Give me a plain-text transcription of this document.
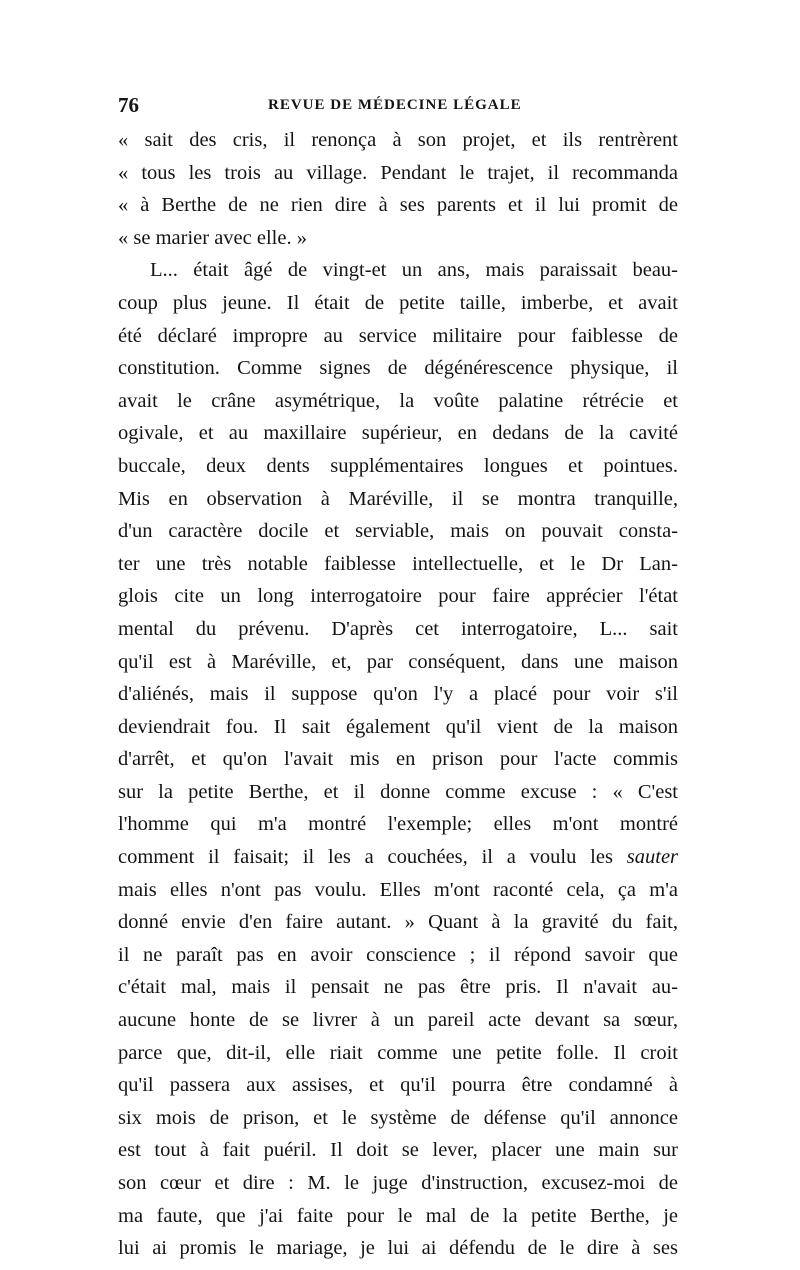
76	REVUE DE MÉDECINE LÉGALE
« sait des cris, il renonça à son projet, et ils rentrèrent
« tous les trois au village. Pendant le trajet, il recommanda
« à Berthe de ne rien dire à ses parents et il lui promit de
« se marier avec elle. »
L... était âgé de vingt-et un ans, mais paraissait beau-
coup plus jeune. Il était de petite taille, imberbe, et avait
été déclaré impropre au service militaire pour faiblesse de
constitution. Comme signes de dégénérescence physique, il
avait le crâne asymétrique, la voûte palatine rétrécie et
ogivale, et au maxillaire supérieur, en dedans de la cavité
buccale, deux dents supplémentaires longues et pointues.
Mis en observation à Maréville, il se montra tranquille,
d'un caractère docile et serviable, mais on pouvait consta-
ter une très notable faiblesse intellectuelle, et le Dr Lan-
glois cite un long interrogatoire pour faire apprécier l'état
mental du prévenu. D'après cet interrogatoire, L... sait
qu'il est à Maréville, et, par conséquent, dans une maison
d'aliénés, mais il suppose qu'on l'y a placé pour voir s'il
deviendrait fou. Il sait également qu'il vient de la maison
d'arrêt, et qu'on l'avait mis en prison pour l'acte commis
sur la petite Berthe, et il donne comme excuse : « C'est
l'homme qui m'a montré l'exemple; elles m'ont montré
comment il faisait; il les a couchées, il a voulu les sauter
mais elles n'ont pas voulu. Elles m'ont raconté cela, ça m'a
donné envie d'en faire autant. » Quant à la gravité du fait,
il ne paraît pas en avoir conscience ; il répond savoir que
c'était mal, mais il pensait ne pas être pris. Il n'avait au-
aucune honte de se livrer à un pareil acte devant sa sœur,
parce que, dit-il, elle riait comme une petite folle. Il croit
qu'il passera aux assises, et qu'il pourra être condamné à
six mois de prison, et le système de défense qu'il annonce
est tout à fait puéril. Il doit se lever, placer une main sur
son cœur et dire : M. le juge d'instruction, excusez-moi de
ma faute, que j'ai faite pour le mal de la petite Berthe, je
lui ai promis le mariage, je lui ai défendu de le dire à ses
